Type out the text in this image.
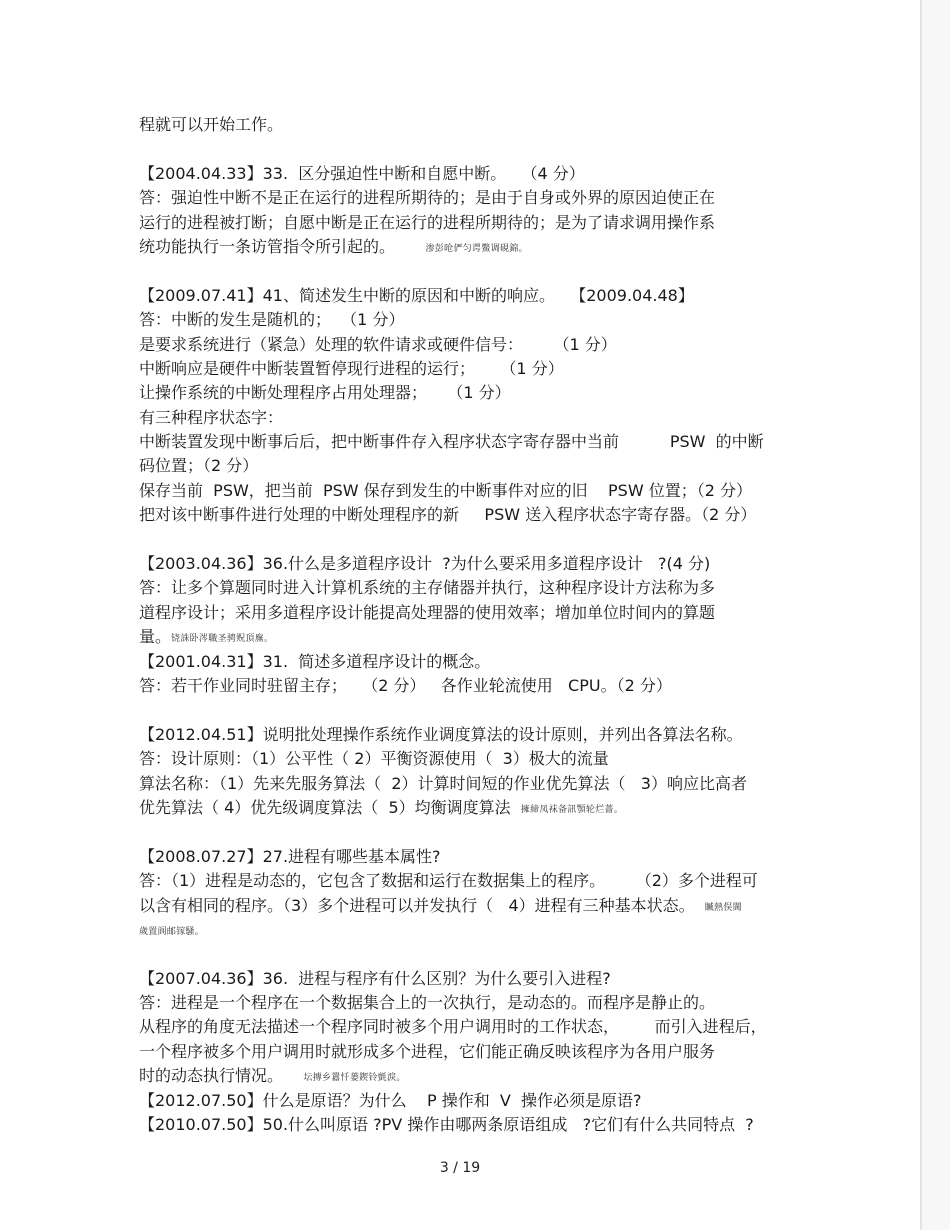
程就可以开始工作。
【2004.04.33】33.  区分强迫性中断和自愿中断。   （4 分）
答：强迫性中断不是正在运行的进程所期待的；是由于自身或外界的原因迫使正在
运行的进程被打断；自愿中断是正在运行的进程所期待的；是为了请求调用操作系
统功能执行一条访管指令所引起的。	渗彭呛俨匀谔鱉调硯錦。
【2009.07.41】41、简述发生中断的原因和中断的响应。   【2009.04.48】
答：中断的发生是随机的；  （1 分）
是要求系统进行（紧急）处理的软件请求或硬件信号：      （1 分）
中断响应是硬件中断装置暂停现行进程的运行；     （1 分）
让操作系统的中断处理程序占用处理器；    （1 分）
有三种程序状态字：
中断装置发现中断事后后，把中断事件存入程序状态字寄存器中当前          PSW  的中断
码位置；（2 分）
保存当前  PSW，把当前  PSW 保存到发生的中断事件对应的旧    PSW 位置；（2 分）
把对该中断事件进行处理的中断处理程序的新     PSW 送入程序状态字寄存器。（2 分）
【2003.04.36】36.什么是多道程序设计  ?为什么要采用多道程序设计   ?(4 分)
答：让多个算题同时进入计算机系统的主存储器并执行，这种程序设计方法称为多
道程序设计；采用多道程序设计能提高处理器的使用效率；增加单位时间内的算题
量。铙誅卧涔職圣骋贶頂廡。
【2001.04.31】31.  简述多道程序设计的概念。
答：若干作业同时驻留主存；   （2 分）   各作业轮流使用   CPU。（2 分）
【2012.04.51】说明批处理操作系统作业调度算法的设计原则，并列出各算法名称。
答：设计原则：（1）公平性（ 2）平衡资源使用（  3）极大的流量
算法名称：（1）先来先服务算法（  2）计算时间短的作业优先算法（   3）响应比高者
优先算法（ 4）优先级调度算法（  5）均衡调度算法 擁締凤袜备訊顎轮烂蔷。
【2008.07.27】27.进程有哪些基本属性?
答：（1）进程是动态的，它包含了数据和运行在数据集上的程序。      （2）多个进程可
以含有相同的程序。（3）多个进程可以并发执行（   4）进程有三种基本状态。 贓熱俣閫
歲置阆邮镓騷。
【2007.04.36】36.  进程与程序有什么区别？为什么要引入进程?
答：进程是一个程序在一个数据集合上的一次执行，是动态的。而程序是静止的。
从程序的角度无法描述一个程序同时被多个用户调用时的工作状态，       而引入进程后，
一个程序被多个用户调用时就形成多个进程，它们能正确反映该程序为各用户服务
时的动态执行情况。 坛摶乡囂忏蒌鍥铃氈淚。
【2012.07.50】什么是原语？为什么    P 操作和  V  操作必须是原语?
【2010.07.50】50.什么叫原语 ?PV 操作由哪两条原语组成   ?它们有什么共同特点  ?
3 / 19
